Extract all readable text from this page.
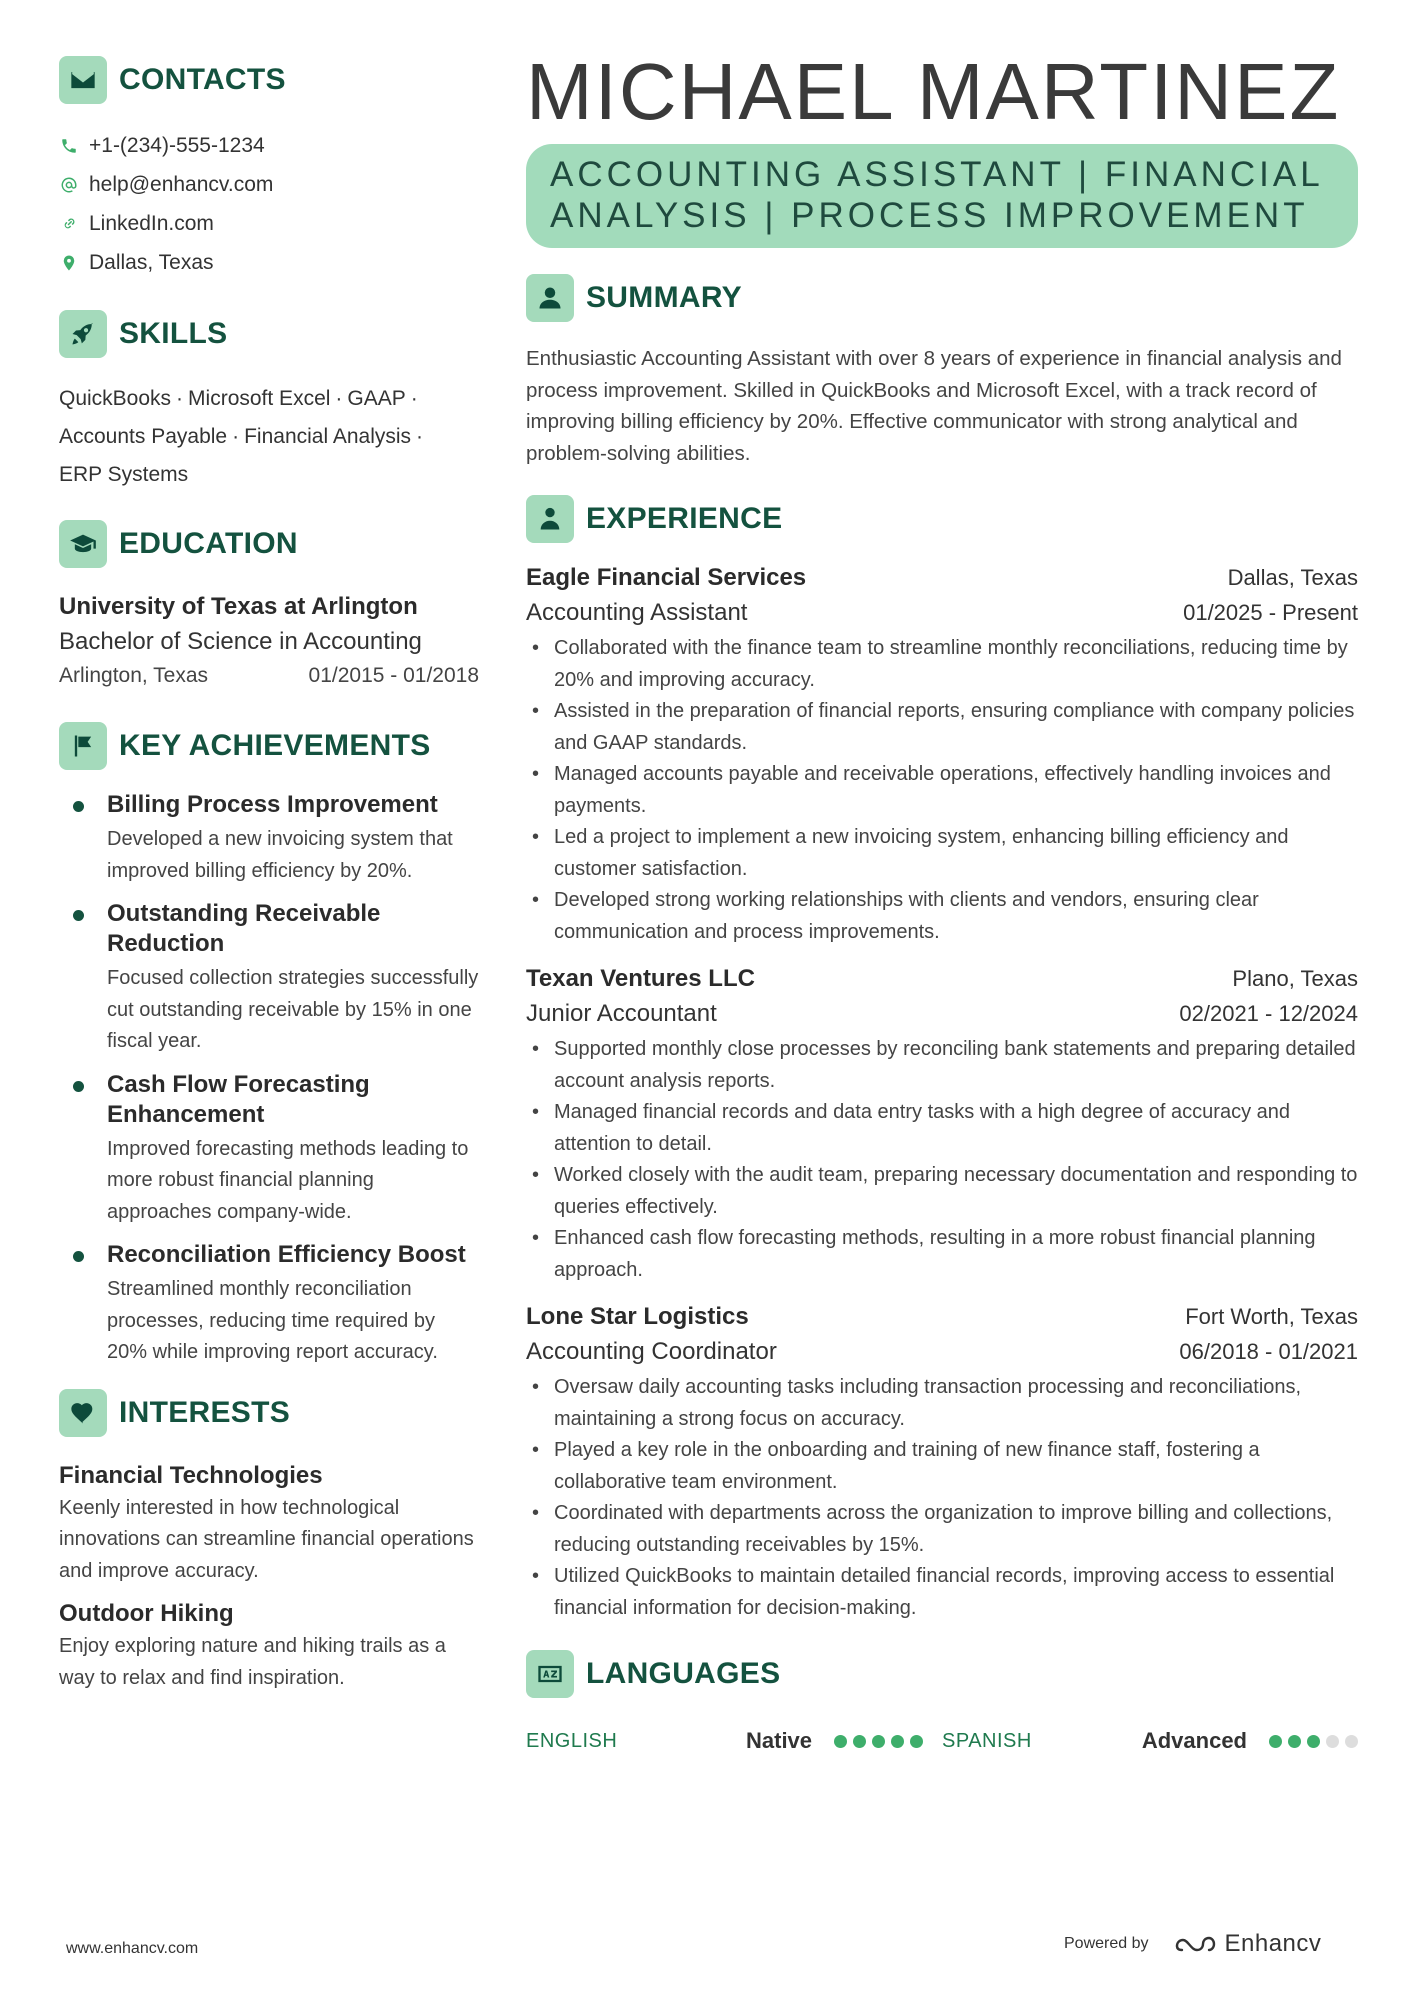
CONTACTS
+1-(234)-555-1234
help@enhancv.com
LinkedIn.com
Dallas, Texas
SKILLS
QuickBooks · Microsoft Excel · GAAP ·
Accounts Payable · Financial Analysis ·
ERP Systems
EDUCATION
University of Texas at Arlington
Bachelor of Science in Accounting
Arlington, Texas	01/2015 - 01/2018
KEY ACHIEVEMENTS
Billing Process Improvement
Developed a new invoicing system that improved billing efficiency by 20%.
Outstanding Receivable Reduction
Focused collection strategies successfully cut outstanding receivable by 15% in one fiscal year.
Cash Flow Forecasting Enhancement
Improved forecasting methods leading to more robust financial planning approaches company-wide.
Reconciliation Efficiency Boost
Streamlined monthly reconciliation processes, reducing time required by 20% while improving report accuracy.
INTERESTS
Financial Technologies
Keenly interested in how technological innovations can streamline financial operations and improve accuracy.
Outdoor Hiking
Enjoy exploring nature and hiking trails as a way to relax and find inspiration.
MICHAEL MARTINEZ
ACCOUNTING ASSISTANT | FINANCIAL
ANALYSIS | PROCESS IMPROVEMENT
SUMMARY
Enthusiastic Accounting Assistant with over 8 years of experience in financial analysis and process improvement. Skilled in QuickBooks and Microsoft Excel, with a track record of improving billing efficiency by 20%. Effective communicator with strong analytical and problem-solving abilities.
EXPERIENCE
Eagle Financial Services	Dallas, Texas
Accounting Assistant	01/2025 - Present
• Collaborated with the finance team to streamline monthly reconciliations, reducing time by 20% and improving accuracy.
• Assisted in the preparation of financial reports, ensuring compliance with company policies and GAAP standards.
• Managed accounts payable and receivable operations, effectively handling invoices and payments.
• Led a project to implement a new invoicing system, enhancing billing efficiency and customer satisfaction.
• Developed strong working relationships with clients and vendors, ensuring clear communication and process improvements.
Texan Ventures LLC	Plano, Texas
Junior Accountant	02/2021 - 12/2024
• Supported monthly close processes by reconciling bank statements and preparing detailed account analysis reports.
• Managed financial records and data entry tasks with a high degree of accuracy and attention to detail.
• Worked closely with the audit team, preparing necessary documentation and responding to queries effectively.
• Enhanced cash flow forecasting methods, resulting in a more robust financial planning approach.
Lone Star Logistics	Fort Worth, Texas
Accounting Coordinator	06/2018 - 01/2021
• Oversaw daily accounting tasks including transaction processing and reconciliations, maintaining a strong focus on accuracy.
• Played a key role in the onboarding and training of new finance staff, fostering a collaborative team environment.
• Coordinated with departments across the organization to improve billing and collections, reducing outstanding receivables by 15%.
• Utilized QuickBooks to maintain detailed financial records, improving access to essential financial information for decision-making.
LANGUAGES
ENGLISH	Native	SPANISH	Advanced
www.enhancv.com	Powered by	Enhancv
